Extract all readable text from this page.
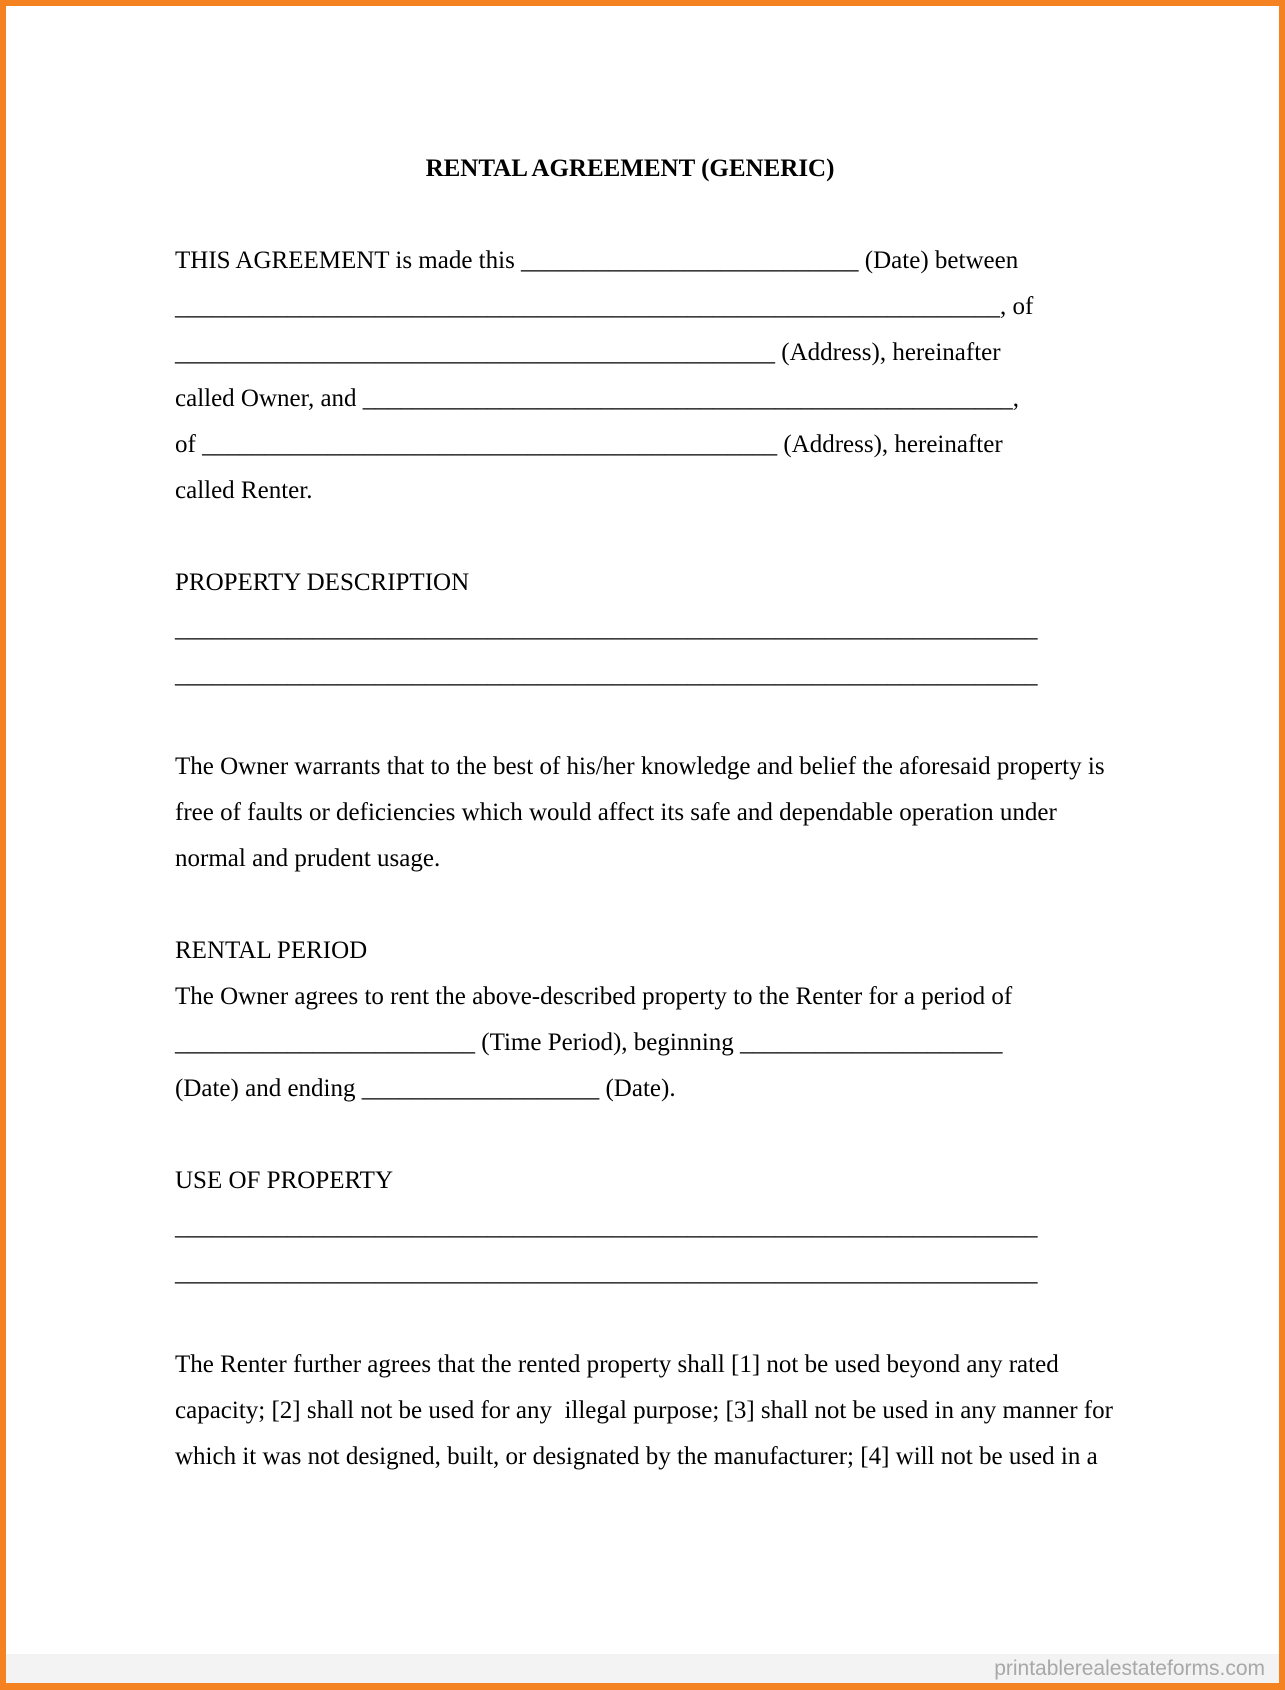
RENTAL AGREEMENT (GENERIC)
THIS AGREEMENT is made this ___________________________ (Date) between
__________________________________________________________________, of
________________________________________________ (Address), hereinafter
called Owner, and ____________________________________________________,
of ______________________________________________ (Address), hereinafter
called Renter.
PROPERTY DESCRIPTION
_____________________________________________________________________
_____________________________________________________________________
The Owner warrants that to the best of his/her knowledge and belief the aforesaid property is
free of faults or deficiencies which would affect its safe and dependable operation under
normal and prudent usage.
RENTAL PERIOD
The Owner agrees to rent the above-described property to the Renter for a period of
________________________ (Time Period), beginning _____________________
(Date) and ending ___________________ (Date).
USE OF PROPERTY
_____________________________________________________________________
_____________________________________________________________________
The Renter further agrees that the rented property shall [1] not be used beyond any rated
capacity; [2] shall not be used for any  illegal purpose; [3] shall not be used in any manner for
which it was not designed, built, or designated by the manufacturer; [4] will not be used in a
printablerealestateforms.com
